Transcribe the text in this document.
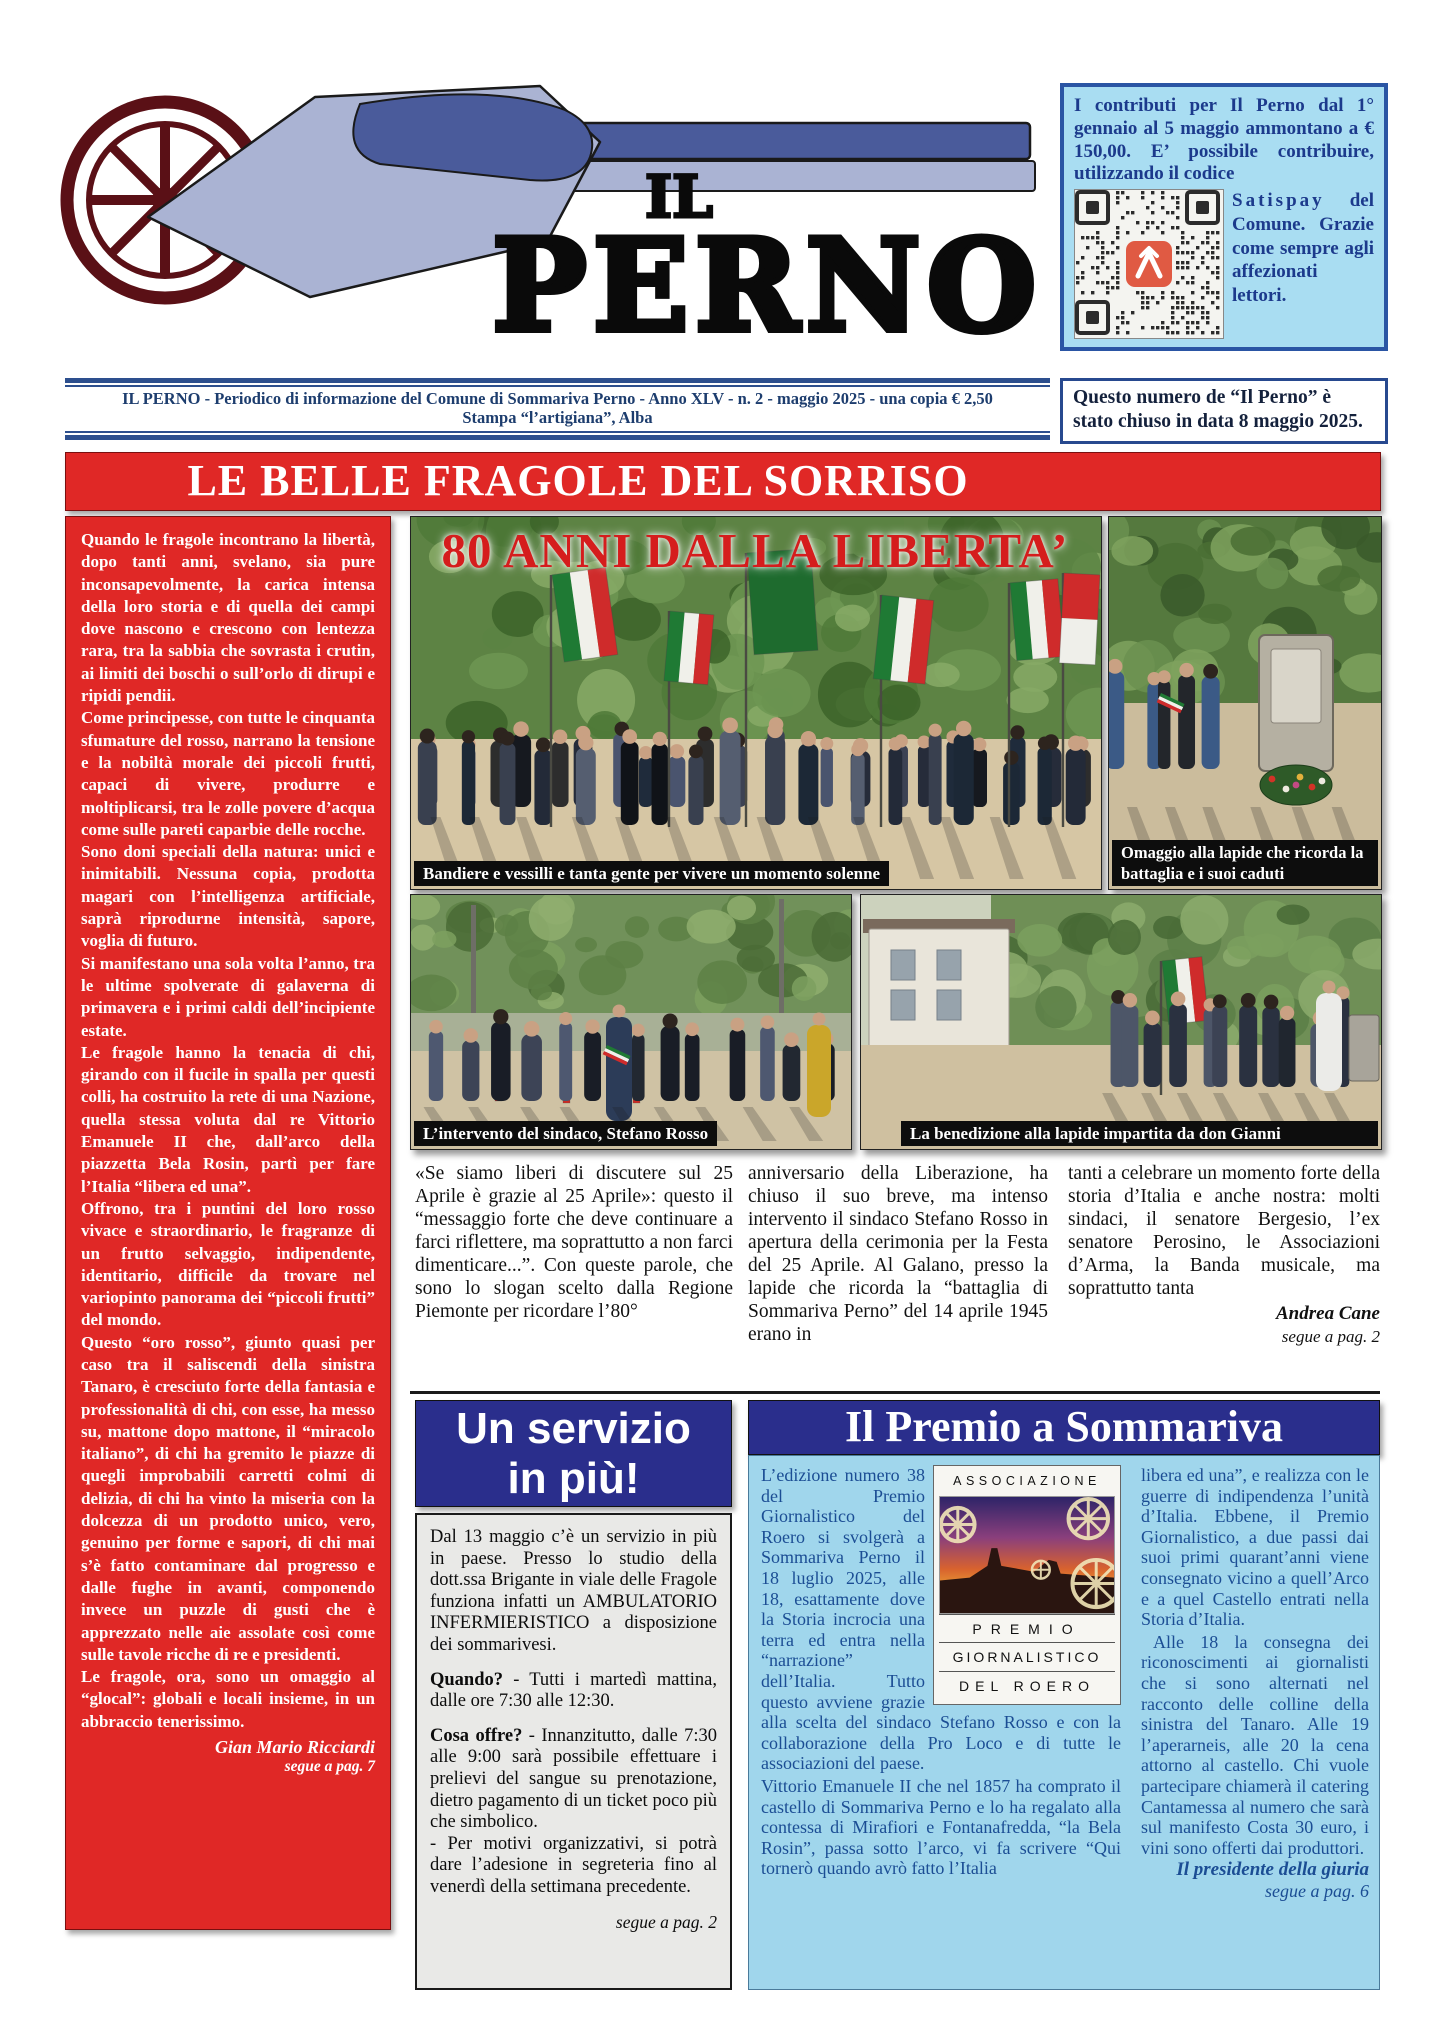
IL
PERNO
I contributi per Il Perno dal 1° gennaio al 5 maggio ammontano a € 150,00. E’ possibile contribuire, utilizzando il codice
Satispay del Comune. Grazie come sempre agli affezionati lettori.
Questo numero de “Il Perno” è stato chiuso in data 8 maggio 2025.
IL PERNO - Periodico di informazione del Comune di Sommariva Perno - Anno XLV - n. 2 - maggio 2025 - una copia € 2,50
Stampa “l’artigiana”, Alba
LE BELLE FRAGOLE DEL SORRISO

Quando le fragole incontrano la libertà, dopo tanti anni, svelano, sia pure inconsapevolmente, la carica intensa della loro storia e di quella dei campi dove nascono e crescono con lentezza rara, tra la sabbia che sovrasta i crutin, ai limiti dei boschi o sull’orlo di dirupi e ripidi pendii.

Come principesse, con tutte le cinquanta sfumature del rosso, narrano la tensione e la nobiltà morale dei piccoli frutti, capaci di vivere, produrre e moltiplicarsi, tra le zolle povere d’acqua come sulle pareti caparbie delle rocche.

Sono doni speciali della natura: unici e inimitabili. Nessuna copia, prodotta magari con l’intelligenza artificiale, saprà riprodurne intensità, sapore, voglia di futuro.

Si manifestano una sola volta l’anno, tra le ultime spolverate di galaverna di primavera e i primi caldi dell’incipiente estate.

Le fragole hanno la tenacia di chi, girando con il fucile in spalla per questi colli, ha costruito la rete di una Nazione, quella stessa voluta dal re Vittorio Emanuele II che, dall’arco della piazzetta Bela Rosin, partì per fare l’Italia “libera ed una”.

Offrono, tra i puntini del loro rosso vivace e straordinario, le fragranze di un frutto selvaggio, indipendente, identitario, difficile da trovare nel variopinto panorama dei “piccoli frutti” del mondo.

Questo “oro rosso”, giunto quasi per caso tra il saliscendi della sinistra Tanaro, è cresciuto forte della fantasia e professionalità di chi, con esse, ha messo su, mattone dopo mattone, il “miracolo italiano”, di chi ha gremito le piazze di quegli improbabili carretti colmi di delizia, di chi ha vinto la miseria con la dolcezza di un prodotto unico, vero, genuino per forme e sapori, di chi mai s’è fatto contaminare dal progresso e dalle fughe in avanti, componendo invece un puzzle di gusti che è apprezzato nelle aie assolate così come sulle tavole ricche di re e presidenti.

Le fragole, ora, sono un omaggio al “glocal”: globali e locali insieme, in un abbraccio tenerissimo.

Gian Mario Ricciardi
segue a pag. 7
80 ANNI DALLA LIBERTA’
Bandiere e vessilli e tanta gente per vivere un momento solenne
Omaggio alla lapide che ricorda la battaglia e i suoi caduti
L’intervento del sindaco, Stefano Rosso	La benedizione alla lapide impartita da don Gianni

«Se siamo liberi di discutere sul 25 Aprile è grazie al 25 Aprile»: questo il “messaggio forte che deve continuare a farci riflettere, ma soprattutto a non farci dimenticare...”. Con queste parole, che sono lo slogan scelto dalla Regione Piemonte per ricordare l’80°

anniversario della Liberazione, ha chiuso il suo breve, ma intenso intervento il sindaco Stefano Rosso in apertura della cerimonia per la Festa del 25 Aprile. Al Galano, presso la lapide che ricorda la “battaglia di Sommariva Perno” del 14 aprile 1945 erano in

tanti a celebrare un momento forte della storia d’Italia e anche nostra: molti sindaci, il senatore Bergesio, l’ex senatore Perosino, le Associazioni d’Arma, la Banda musicale, ma soprattutto tanta

Andrea Cane
segue a pag. 2
Un servizio
in più!

Dal 13 maggio c’è un servizio in più in paese. Presso lo studio della dott.ssa Brigante in viale delle Fragole funziona infatti un AMBULATORIO INFERMIERISTICO a disposizione dei sommarivesi.

Quando? - Tutti i martedì mattina, dalle ore 7:30 alle 12:30.

Cosa offre? - Innanzitutto, dalle 7:30 alle 9:00 sarà possibile effettuare i prelievi del sangue su prenotazione, dietro pagamento di un ticket poco più che simbolico.

- Per motivi organizzativi, si potrà dare l’adesione in segreteria fino al venerdì della settimana precedente.

segue a pag. 2
Il Premio a Sommariva

libera ed una”, e realizza con le guerre di indipendenza l’unità d’Italia. Ebbene, il Premio Giornalistico, a due passi dai suoi primi quarant’anni viene consegnato vicino a quell’Arco e a quel Castello entrati nella Storia d’Italia.

Alle 18 la consegna dei riconoscimenti ai giornalisti che si sono alternati nel racconto delle colline della sinistra del Tanaro. Alle 19 l’aperarneis, alle 20 la cena attorno al castello. Chi vuole partecipare chiamerà il catering Cantamessa al numero che sarà sul manifesto Costa 30 euro, i vini sono offerti dai produttori.

Il presidente della giuria
segue a pag. 6
ASSOCIAZIONE
PREMIO
GIORNALISTICO
DEL ROERO

L’edizione numero 38 del Premio Giornalistico del Roero si svolgerà a Sommariva Perno il 18 luglio 2025, alle 18, esattamente dove la Storia incrocia una terra ed entra nella “narrazione” dell’Italia. Tutto questo avviene grazie alla scelta del sindaco Stefano Rosso e con la collaborazione della Pro Loco e di tutte le associazioni del paese.

Vittorio Emanuele II che nel 1857 ha comprato il castello di Sommariva Perno e lo ha regalato alla contessa di Mirafiori e Fontanafredda, “la Bela Rosin”, passa sotto l’arco, vi fa scrivere “Qui tornerò quando avrò fatto l’Italia
